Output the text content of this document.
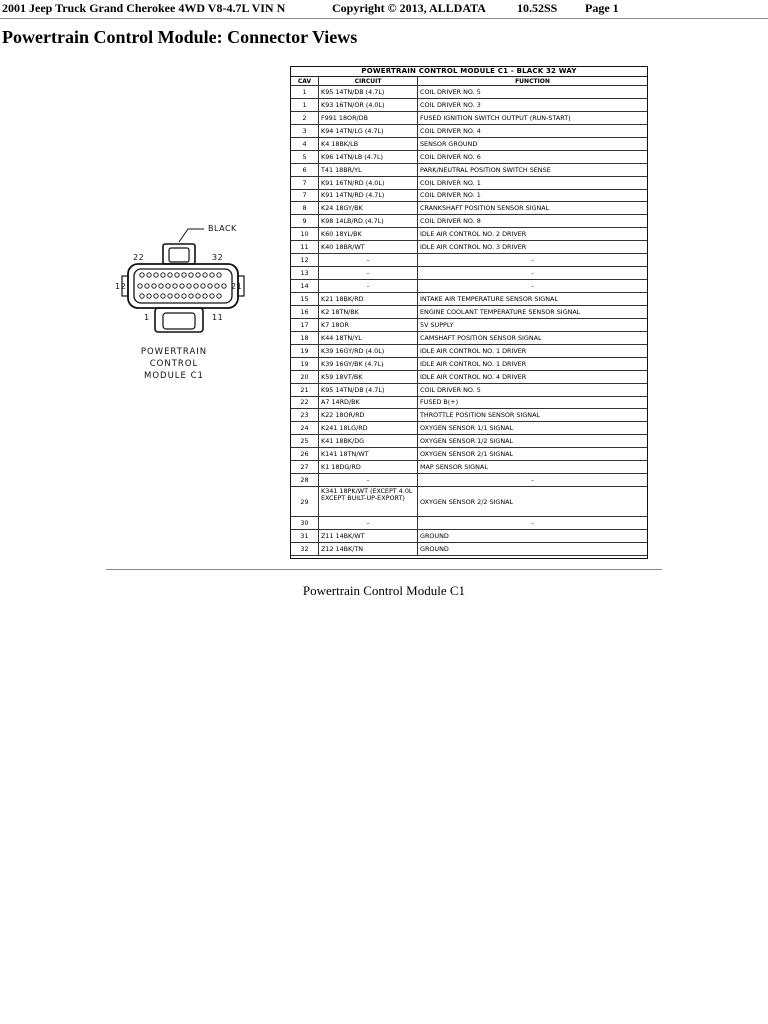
2001 Jeep Truck Grand Cherokee 4WD V8-4.7L VIN N	Copyright © 2013, ALLDATA	10.52SS Page 1
Powertrain Control Module: Connector Views
BLACK
22	32
12	21
1	11
POWERTRAIN
CONTROL
MODULE C1
POWERTRAIN CONTROL MODULE C1 - BLACK 32 WAY
CAV	CIRCUIT	FUNCTION
1	K95 14TN/DB (4.7L)	COIL DRIVER NO. 5
1	K93 16TN/OR (4.0L)	COIL DRIVER NO. 3
2	F991 18OR/DB	FUSED IGNITION SWITCH OUTPUT (RUN-START)
3	K94 14TN/LG (4.7L)	COIL DRIVER NO. 4
4	K4 18BK/LB	SENSOR GROUND
5	K96 14TN/LB (4.7L)	COIL DRIVER NO. 6
6	T41 18BR/YL	PARK/NEUTRAL POSITION SWITCH SENSE
7	K91 16TN/RD (4.0L)	COIL DRIVER NO. 1
7	K91 14TN/RD (4.7L)	COIL DRIVER NO. 1
8	K24 18GY/BK	CRANKSHAFT POSITION SENSOR SIGNAL
9	K98 14LB/RD (4.7L)	COIL DRIVER NO. 8
10	K60 18YL/BK	IDLE AIR CONTROL NO. 2 DRIVER
11	K40 18BR/WT	IDLE AIR CONTROL NO. 3 DRIVER
12	-	-
13	-	-
14	-	-
15	K21 18BK/RD	INTAKE AIR TEMPERATURE SENSOR SIGNAL
16	K2 18TN/BK	ENGINE COOLANT TEMPERATURE SENSOR SIGNAL
17	K7 18OR	5V SUPPLY
18	K44 18TN/YL	CAMSHAFT POSITION SENSOR SIGNAL
19	K39 16GY/RD (4.0L)	IDLE AIR CONTROL NO. 1 DRIVER
19	K39 16GY/BK (4.7L)	IDLE AIR CONTROL NO. 1 DRIVER
20	K59 18VT/BK	IDLE AIR CONTROL NO. 4 DRIVER
21	K95 14TN/DB (4.7L)	COIL DRIVER NO. 5
22	A7 14RD/BK	FUSED B(+)
23	K22 18OR/RD	THROTTLE POSITION SENSOR SIGNAL
24	K241 18LG/RD	OXYGEN SENSOR 1/1 SIGNAL
25	K41 18BK/DG	OXYGEN SENSOR 1/2 SIGNAL
26	K141 18TN/WT	OXYGEN SENSOR 2/1 SIGNAL
27	K1 18DG/RD	MAP SENSOR SIGNAL
28	-	-
29
K341 18PK/WT (EXCEPT 4.0L EXCEPT BUILT-UP-EXPORT)	OXYGEN SENSOR 2/2 SIGNAL
30	-	-
31	Z11 14BK/WT	GROUND
32	Z12 14BK/TN	GROUND
Powertrain Control Module C1
